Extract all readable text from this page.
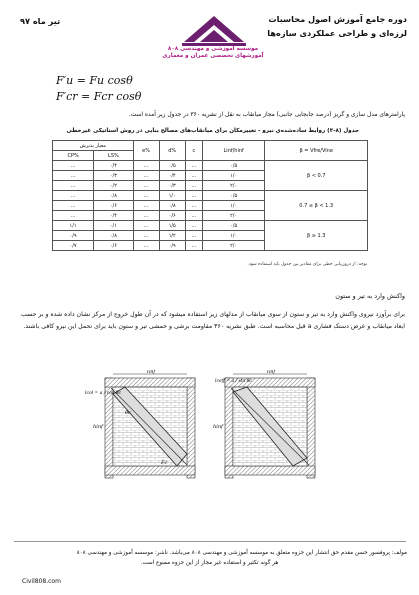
دوره جامع آموزش اصول محاسبات
لرزه‌ای و طراحی عملکردی سازه‌ها
تیر ماه ۹۷
موسسه آموزشی و مهندسی ۸۰۸
آموزشهای تخصصی عمران و معماری
F′u = Fu cosθ
F′cr = Fcr cosθ
پارامترهای مدل سازی و گریز (درصد جابجایی جانبی) مجاز میانقاب به نقل از نشریه ۳۶۰ در جدول زیر آمده است.
جدول (۸-۳) روابط ساده‌شده‌ی نیرو - تغییرمکان برای میانقاب‌های مصالح بنایی در روش استاتیکی غیرخطی
معیار پذیرش		e%	d%	c	Linf/hinf	β = Vfre/Vine
CP%	LS%					
...	۰/۴	...	۰/۵	...	۰/۵	β < 0.7
...	۰/۳	...	۰/۴	...	۱/۰	
...	۰/۲	...	۰/۳	...	۲/۰	
...	۰/۸	...	۱/۰	...	۰/۵	0.7 ≤ β < 1.3
...	۰/۶	...	۰/۸	...	۱/۰	
...	۰/۴	...	۰/۶	...	۲/۰	
۱/۱	۰/۱	...	۱/۵	...	۰/۵	β ≥ 1.3
۰/۹	۰/۸	...	۱/۲	...	۱/۰	
۰/۷	۰/۶	...	۰/۹	...	۲/۰	
توجه: از درون‌یابی خطی برای مقادیر بین جدول باید استفاده شود.
واکنش وارد به تیر و ستون
برای برآورد نیروی واکنش وارد به تیر و ستون از سوی میانقاب از مدلهای زیر استفاده میشود که در آن طول خروج از مرکز نشان داده شده و بر حسب ابعاد میانقاب و عرض دستک فشاری a قبل محاسبه است. طبق نشریه ۳۶۰ مقاومت برشی و خمشی تیر و ستون باید برای تحمل این نیرو کافی باشند.
linf
hinf
lcol = a / cos θc
θc
Fc
linf
hinf
lceff = a / sin θc
مولف: پروفسور حسن مقدم حق انتشار این جزوه متعلق به موسسه آموزشی و مهندسی ۸۰۸ می‌باشد. ناشر: موسسه آموزشی و مهندسی ۸۰۸
هر گونه تکثیر و استفاده غیر مجاز از این جزوه ممنوع است.
Civil808.com
